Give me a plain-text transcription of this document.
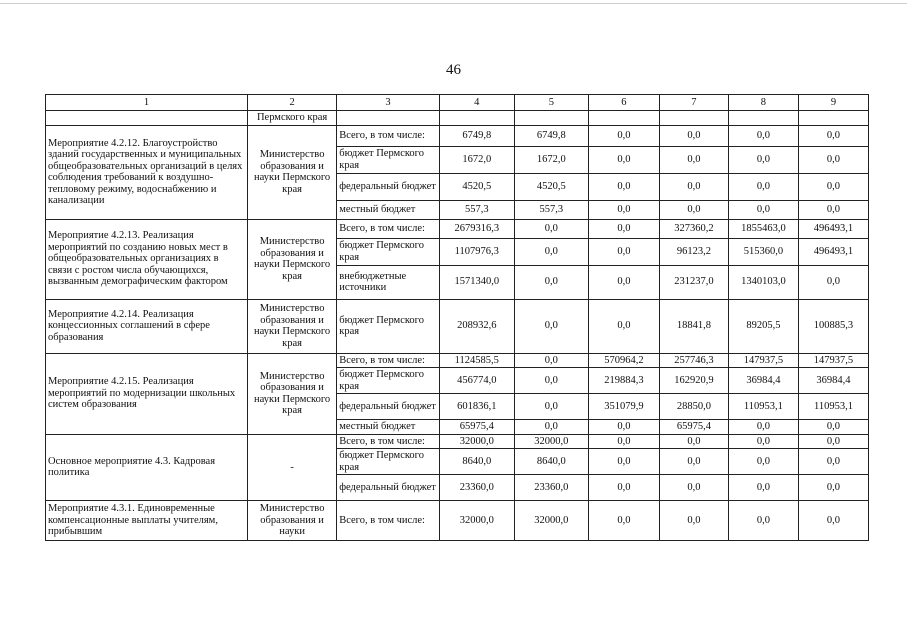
46
1	2	3	4	5	6	7	8	9
	Пермского края							
Мероприятие 4.2.12. Благоустройство зданий государственных и муниципальных общеобразовательных организаций в целях соблюдения требований к воздушно-тепловому режиму, водоснабжению и канализации	Министерство образования и науки Пермского края	Всего, в том числе:	6749,8	6749,8	0,0	0,0	0,0	0,0
		бюджет Пермского края	1672,0	1672,0	0,0	0,0	0,0	0,0
		федеральный бюджет	4520,5	4520,5	0,0	0,0	0,0	0,0
		местный бюджет	557,3	557,3	0,0	0,0	0,0	0,0
Мероприятие 4.2.13. Реализация мероприятий по созданию новых мест в общеобразовательных организациях в связи с ростом числа обучающихся, вызванным демографическим фактором	Министерство образования и науки Пермского края	Всего, в том числе:	2679316,3	0,0	0,0	327360,2	1855463,0	496493,1
		бюджет Пермского края	1107976,3	0,0	0,0	96123,2	515360,0	496493,1
		внебюджетные источники	1571340,0	0,0	0,0	231237,0	1340103,0	0,0
Мероприятие 4.2.14. Реализация концессионных соглашений в сфере образования	Министерство образования и науки Пермского края	бюджет Пермского края	208932,6	0,0	0,0	18841,8	89205,5	100885,3
Мероприятие 4.2.15. Реализация мероприятий по модернизации школьных систем образования	Министерство образования и науки Пермского края	Всего, в том числе:	1124585,5	0,0	570964,2	257746,3	147937,5	147937,5
		бюджет Пермского края	456774,0	0,0	219884,3	162920,9	36984,4	36984,4
		федеральный бюджет	601836,1	0,0	351079,9	28850,0	110953,1	110953,1
		местный бюджет	65975,4	0,0	0,0	65975,4	0,0	0,0
Основное мероприятие 4.3. Кадровая политика	-	Всего, в том числе:	32000,0	32000,0	0,0	0,0	0,0	0,0
		бюджет Пермского края	8640,0	8640,0	0,0	0,0	0,0	0,0
		федеральный бюджет	23360,0	23360,0	0,0	0,0	0,0	0,0
Мероприятие 4.3.1. Единовременные компенсационные выплаты учителям, прибывшим	Министерство образования и науки	Всего, в том числе:	32000,0	32000,0	0,0	0,0	0,0	0,0
